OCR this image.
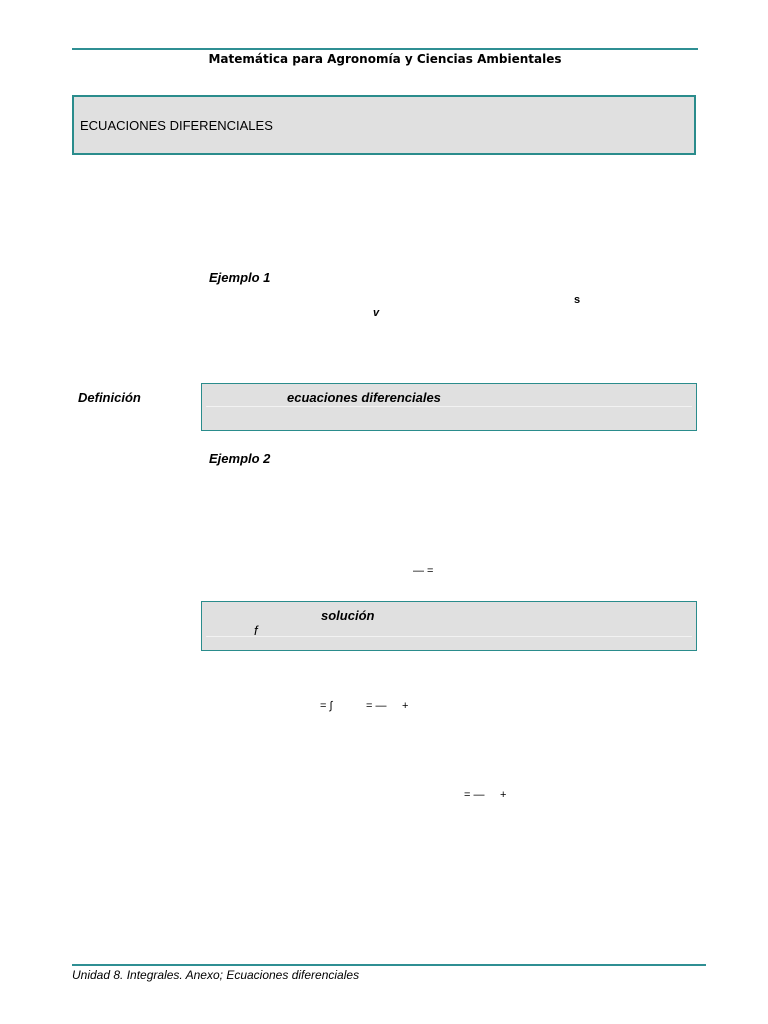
Matemática para Agronomía y Ciencias Ambientales
ECUACIONES DIFERENCIALES
Ejemplo 1
s
v
Definición	ecuaciones diferenciales
Ejemplo 2
— =
solución
f
= ∫	= — +
= — +
Unidad 8. Integrales. Anexo; Ecuaciones diferenciales
